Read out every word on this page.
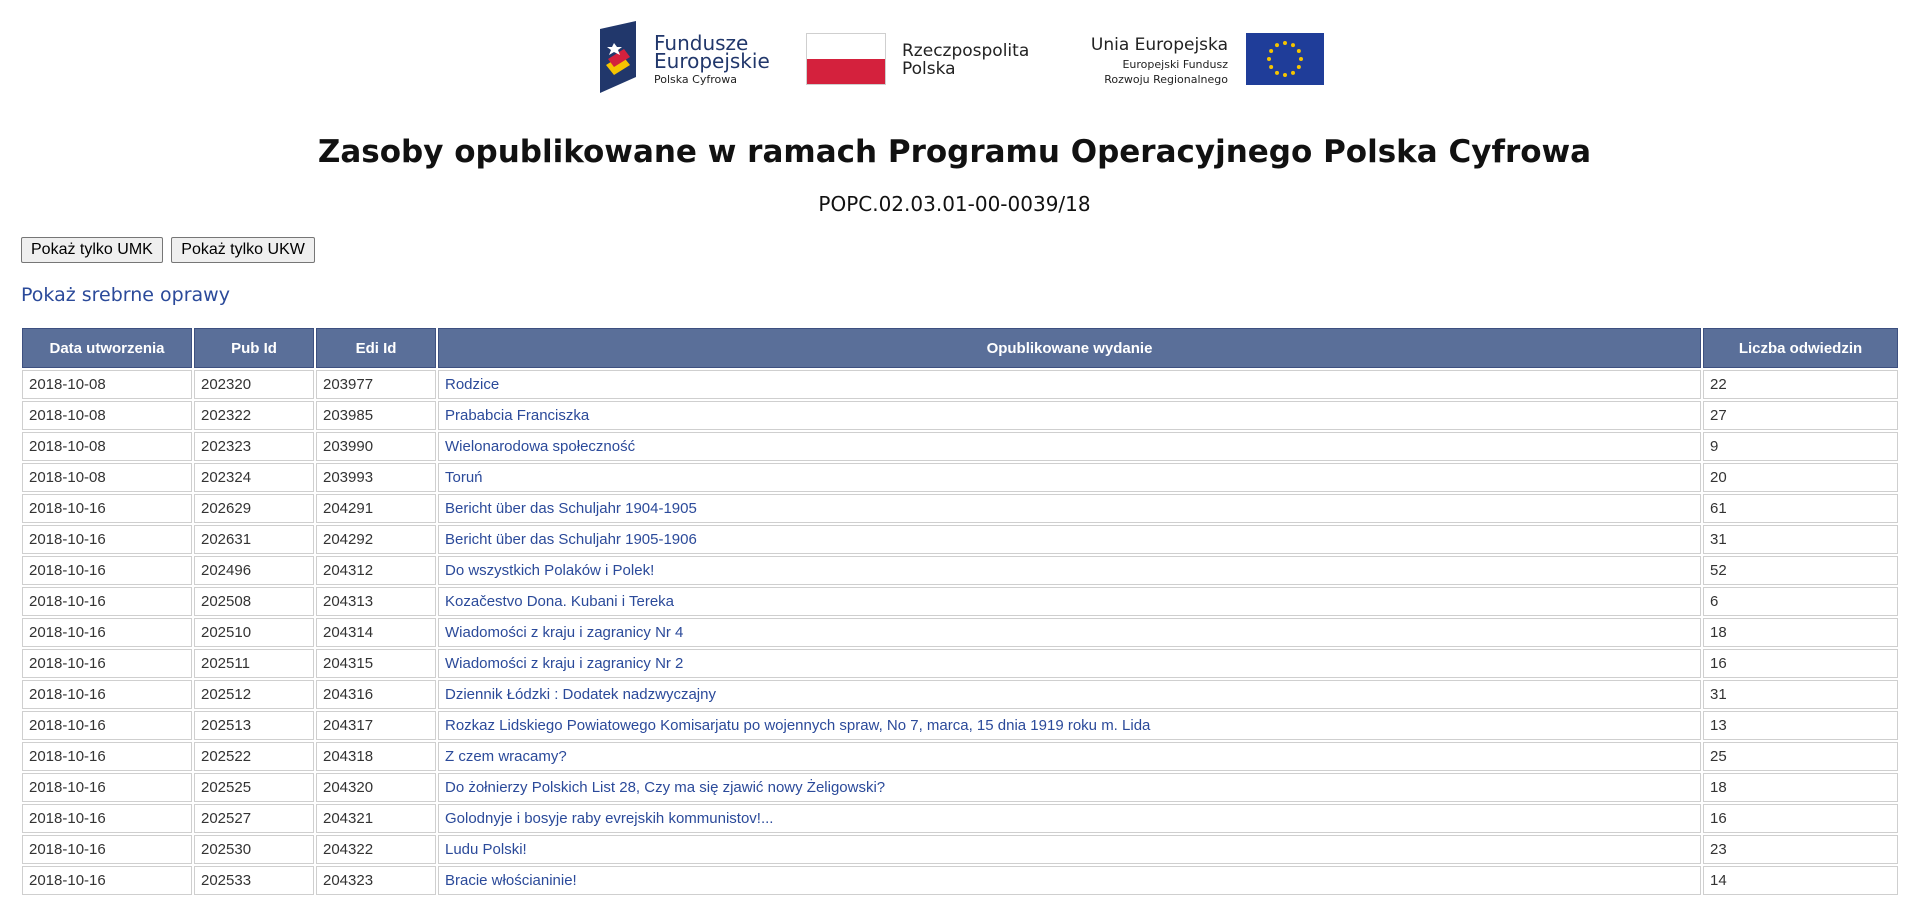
Fundusze
Europejskie
Polska Cyfrowa
Rzeczpospolita
Polska
Unia Europejska
Europejski Fundusz
Rozwoju Regionalnego
Zasoby opublikowane w ramach Programu Operacyjnego Polska Cyfrowa
POPC.02.03.01-00-0039/18
Pokaż tylko UMK Pokaż tylko UKW
Pokaż srebrne oprawy
Data utworzenia	Pub Id	Edi Id	Opublikowane wydanie	Liczba odwiedzin
2018-10-08	202320	203977	Rodzice	22
2018-10-08	202322	203985	Prababcia Franciszka	27
2018-10-08	202323	203990	Wielonarodowa społeczność	9
2018-10-08	202324	203993	Toruń	20
2018-10-16	202629	204291	Bericht über das Schuljahr 1904-1905	61
2018-10-16	202631	204292	Bericht über das Schuljahr 1905-1906	31
2018-10-16	202496	204312	Do wszystkich Polaków i Polek!	52
2018-10-16	202508	204313	Kozačestvo Dona. Kubani i Tereka	6
2018-10-16	202510	204314	Wiadomości z kraju i zagranicy Nr 4	18
2018-10-16	202511	204315	Wiadomości z kraju i zagranicy Nr 2	16
2018-10-16	202512	204316	Dziennik Łódzki : Dodatek nadzwyczajny	31
2018-10-16	202513	204317	Rozkaz Lidskiego Powiatowego Komisarjatu po wojennych spraw, No 7, marca, 15 dnia 1919 roku m. Lida	13
2018-10-16	202522	204318	Z czem wracamy?	25
2018-10-16	202525	204320	Do żołnierzy Polskich List 28, Czy ma się zjawić nowy Żeligowski?	18
2018-10-16	202527	204321	Golodnyje i bosyje raby evrejskih kommunistov!...	16
2018-10-16	202530	204322	Ludu Polski!	23
2018-10-16	202533	204323	Bracie włościaninie!	14
